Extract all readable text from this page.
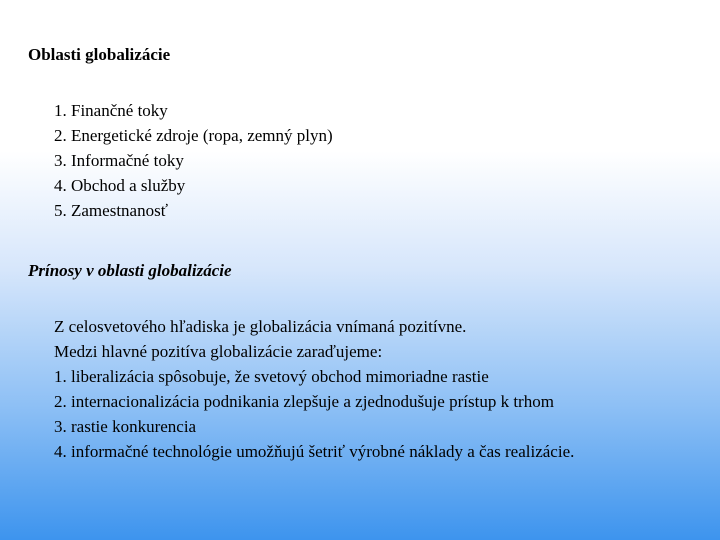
Oblasti globalizácie
1. Finančné toky
2. Energetické zdroje (ropa, zemný plyn)
3. Informačné toky
4. Obchod a služby
5. Zamestnanosť
Prínosy v oblasti globalizácie
Z celosvetového hľadiska je globalizácia vnímaná pozitívne.
Medzi hlavné pozitíva globalizácie zaraďujeme:
1. liberalizácia spôsobuje, že svetový obchod mimoriadne rastie
2. internacionalizácia podnikania zlepšuje a zjednodušuje prístup k trhom
3. rastie konkurencia
4. informačné technológie umožňujú šetriť výrobné náklady a čas realizácie.
